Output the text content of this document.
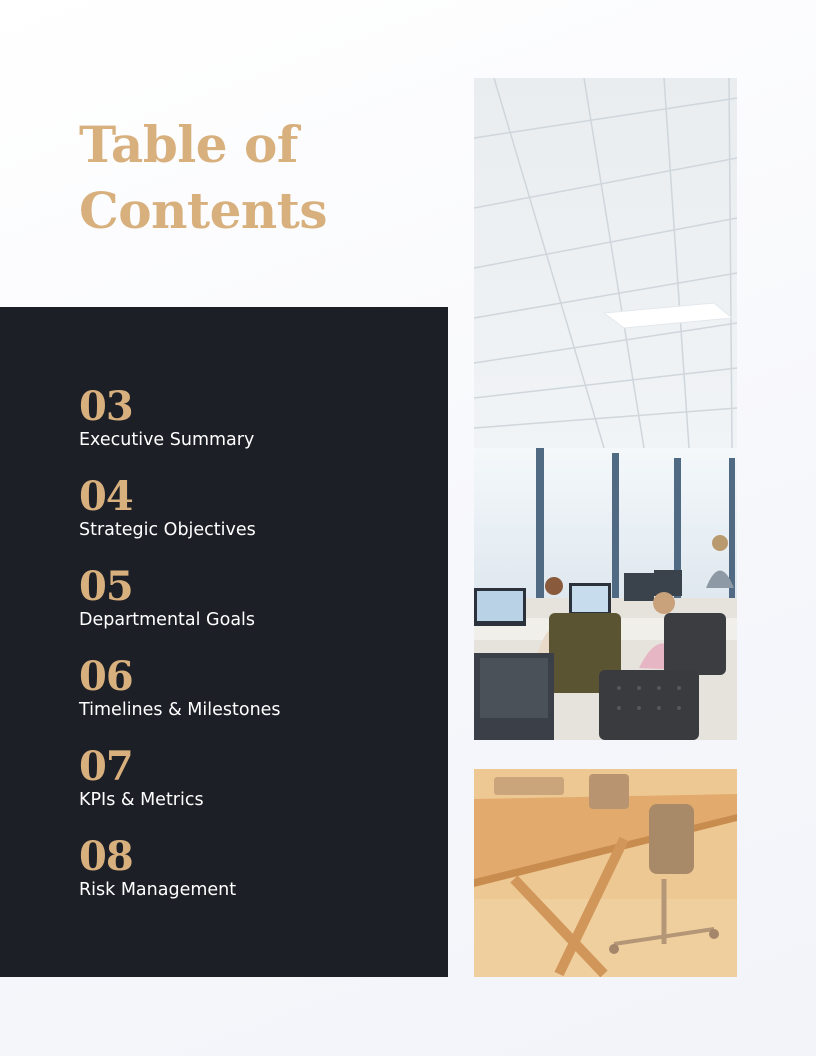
Table of
Contents
03
Executive Summary
04
Strategic Objectives
05
Departmental Goals
06
Timelines & Milestones
07
KPIs & Metrics
08
Risk Management
